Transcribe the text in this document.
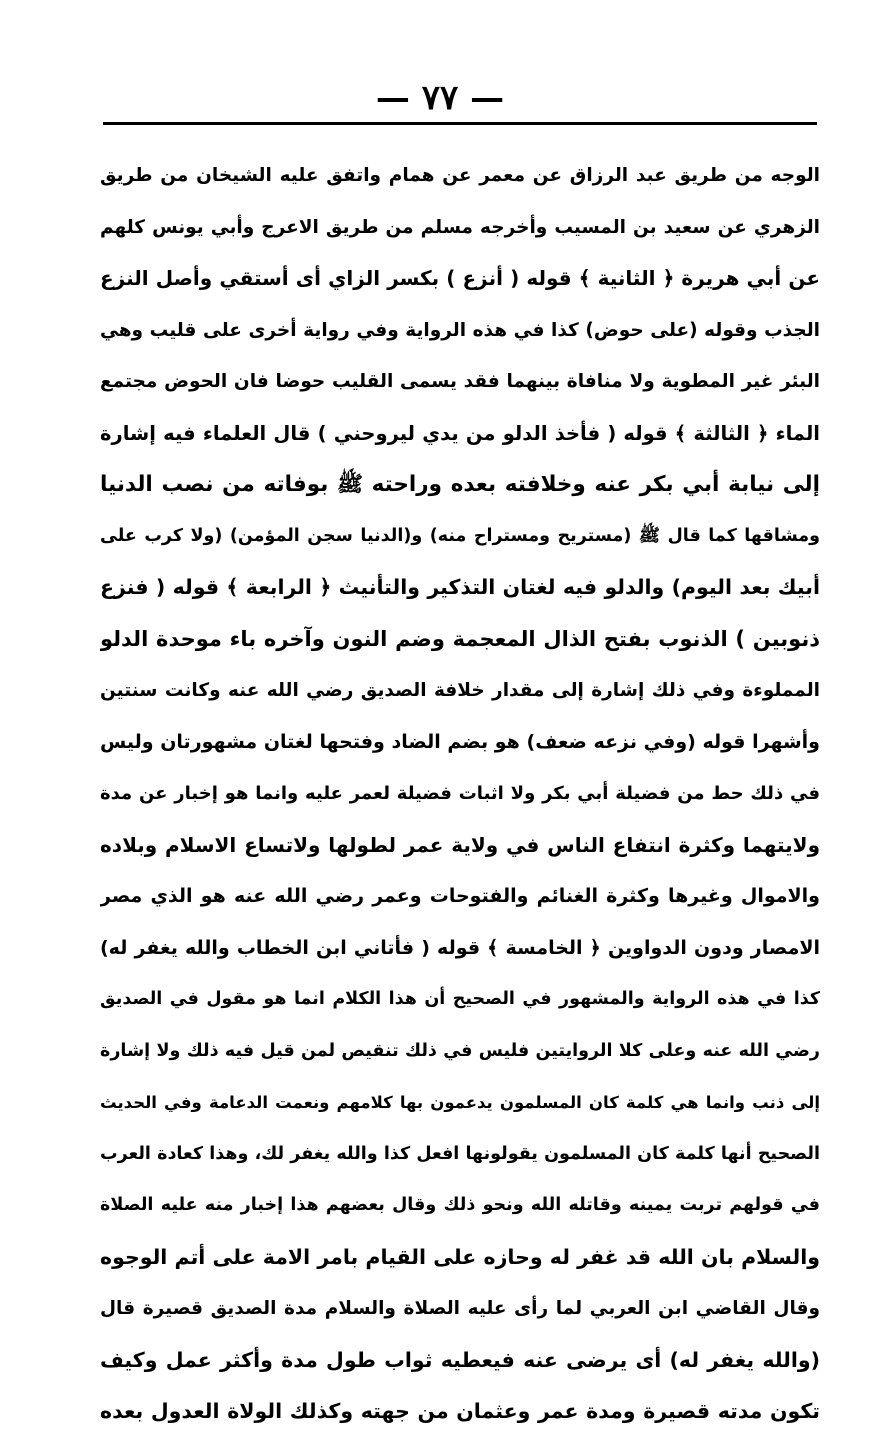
— ٧٧ —
الوجه من طريق عبد الرزاق عن معمر عن همام واتفق عليه الشيخان من طريق
الزهري عن سعيد بن المسيب وأخرجه مسلم من طريق الاعرج وأبي يونس كلهم
عن أبي هريرة ﴿ الثانية ﴾ قوله ( أنزع ) بكسر الزاي أى أستقي وأصل النزع
الجذب وقوله (على حوض) كذا في هذه الرواية وفي رواية أخرى على قليب وهي
البئر غير المطوية ولا منافاة بينهما فقد يسمى القليب حوضا فان الحوض مجتمع
الماء ﴿ الثالثة ﴾ قوله ( فأخذ الدلو من يدي ليروحني ) قال العلماء فيه إشارة
إلى نيابة أبي بكر عنه وخلافته بعده وراحته ﷺ بوفاته من نصب الدنيا
ومشاقها كما قال ﷺ (مستريح ومستراح منه) و(الدنيا سجن المؤمن) (ولا كرب على
أبيك بعد اليوم) والدلو فيه لغتان التذكير والتأنيث ﴿ الرابعة ﴾ قوله ( فنزع
ذنوبين ) الذنوب بفتح الذال المعجمة وضم النون وآخره باء موحدة الدلو
المملوءة وفي ذلك إشارة إلى مقدار خلافة الصديق رضي الله عنه وكانت سنتين
وأشهرا قوله (وفي نزعه ضعف) هو بضم الضاد وفتحها لغتان مشهورتان وليس
في ذلك حط من فضيلة أبي بكر ولا اثبات فضيلة لعمر عليه وانما هو إخبار عن مدة
ولايتهما وكثرة انتفاع الناس في ولاية عمر لطولها ولاتساع الاسلام وبلاده
والاموال وغيرها وكثرة الغنائم والفتوحات وعمر رضي الله عنه هو الذي مصر
الامصار ودون الدواوين ﴿ الخامسة ﴾ قوله ( فأتاني ابن الخطاب والله يغفر له)
كذا في هذه الرواية والمشهور في الصحيح أن هذا الكلام انما هو مقول في الصديق
رضي الله عنه وعلى كلا الروايتين فليس في ذلك تنقيص لمن قيل فيه ذلك ولا إشارة
إلى ذنب وانما هي كلمة كان المسلمون يدعمون بها كلامهم ونعمت الدعامة وفي الحديث
الصحيح أنها كلمة كان المسلمون يقولونها افعل كذا والله يغفر لك، وهذا كعادة العرب
في قولهم تربت يمينه وقاتله الله ونحو ذلك وقال بعضهم هذا إخبار منه عليه الصلاة
والسلام بان الله قد غفر له وحازه على القيام بامر الامة على أتم الوجوه
وقال القاضي ابن العربي لما رأى عليه الصلاة والسلام مدة الصديق قصيرة قال
(والله يغفر له) أى يرضى عنه فيعطيه ثواب طول مدة وأكثر عمل وكيف
تكون مدته قصيرة ومدة عمر وعثمان من جهته وكذلك الولاة العدول بعده
